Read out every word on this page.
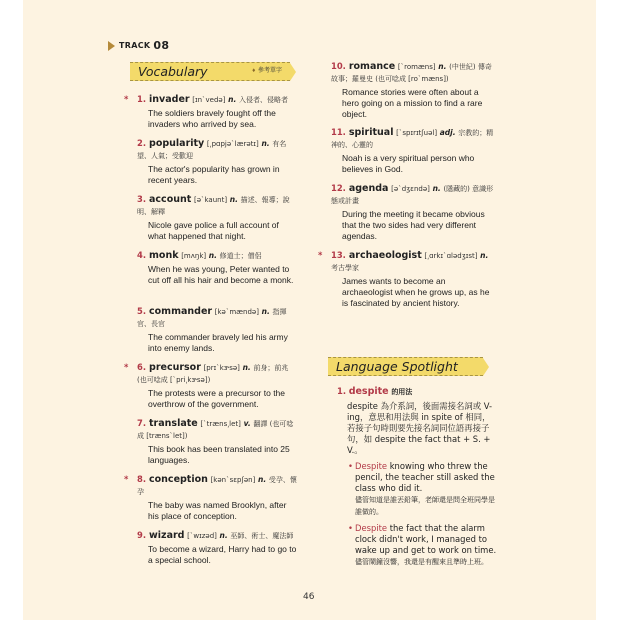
TRACK 08
Vocabulary
♦	參考單字
* 1. invader [ɪnˋvedə] n. 入侵者、侵略者
The soldiers bravely fought off the invaders who arrived by sea.
2. popularity [͵pɑpjəˋlærətɪ] n. 有名望、人氣；受歡迎
The actor's popularity has grown in recent years.
3. account [əˋkaunt] n. 描述、報導；說明、解釋
Nicole gave police a full account of what happened that night.
4. monk [mʌŋk] n. 修道士；僧侶
When he was young, Peter wanted to cut off all his hair and become a monk.
5. commander [kəˋmændə] n. 指揮官、長官
The commander bravely led his army into enemy lands.
* 6. precursor [prɪˋkɝsə] n. 前身；前兆 (也可唸成 [ˋpri͵kɝsə])
The protests were a precursor to the overthrow of the government.
7. translate [ˋtræns͵let] v. 翻譯 (也可唸成 [trænsˋlet])
This book has been translated into 25 languages.
* 8. conception [kənˋsɛpʃən] n. 受孕、懷孕
The baby was named Brooklyn, after his place of conception.
9. wizard [ˋwɪzəd] n. 巫師、術士、魔法師
To become a wizard, Harry had to go to a special school.
10. romance [ˋromæns] n. (中世紀) 傳奇故事；羅曼史 (也可唸成 [roˋmæns])
Romance stories were often about a hero going on a mission to find a rare object.
11. spiritual [ˋspɪrɪtʃuəl] adj. 宗教的；精神的、心靈的
Noah is a very spiritual person who believes in God.
12. agenda [əˋdʒɛndə] n. (隱藏的) 意識形態或計畫
During the meeting it became obvious that the two sides had very different agendas.
* 13. archaeologist [͵ɑrkɪˋɑlədʒɪst] n. 考古學家
James wants to become an archaeologist when he grows up, as he is fascinated by ancient history.
Language Spotlight
1. despite 的用法
despite 為介系詞，後面需接名詞或 V-ing，意思和用法與 in spite of 相同，若接子句時則要先接名詞同位語再接子句，如 despite the fact that + S. + V.。
• Despite knowing who threw the pencil, the teacher still asked the class who did it.
儘管知道是誰丟鉛筆，老師還是問全班同學是誰做的。
• Despite the fact that the alarm clock didn't work, I managed to wake up and get to work on time.
儘管鬧鐘沒響，我還是有醒來且準時上班。
46
